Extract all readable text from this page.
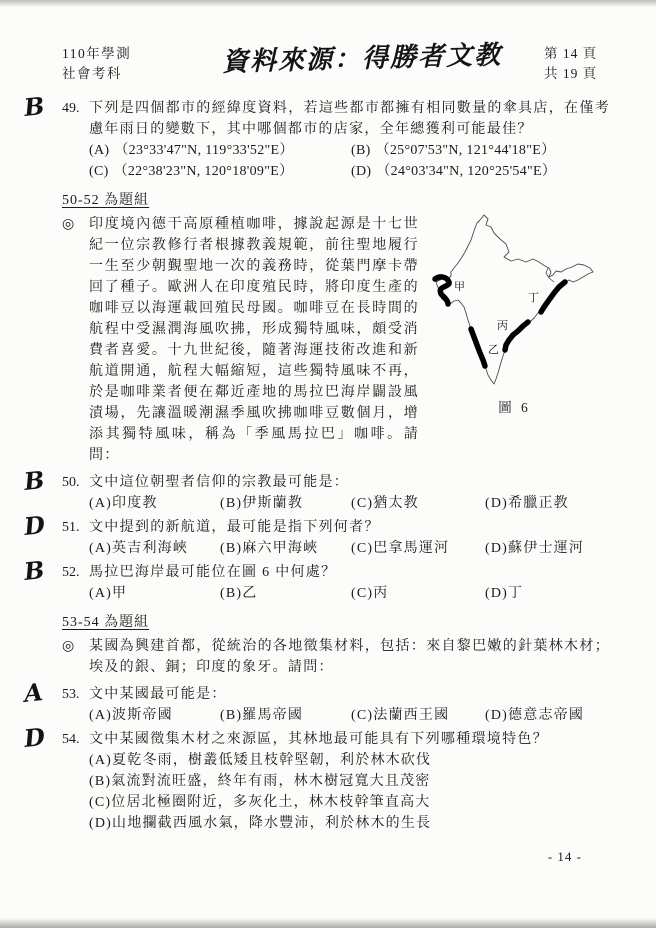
110年學測
社會考科	資料來源：得勝者文教	第 14 頁
共 19 頁
B 49. 下列是四個都市的經緯度資料，若這些都市都擁有相同數量的傘具店，在僅考慮年雨日的變數下，其中哪個都市的店家，全年總獲利可能最佳？
(A) （23°33'47"N, 119°33'52"E）	(B) （25°07'53"N, 121°44'18"E）
(C) （22°38'23"N, 120°18'09"E）	(D) （24°03'34"N, 120°25'54"E）
50-52 為題組
◎	印度境內德干高原種植咖啡，據說起源是十七世紀一位宗教修行者根據教義規範，前往聖地履行一生至少朝覲聖地一次的義務時，從葉門摩卡帶回了種子。歐洲人在印度殖民時，將印度生產的咖啡豆以海運載回殖民母國。咖啡豆在長時間的航程中受濕潤海風吹拂，形成獨特風味，頗受消費者喜愛。十九世紀後，隨著海運技術改進和新航道開通，航程大幅縮短，這些獨特風味不再，於是咖啡業者便在鄰近產地的馬拉巴海岸闢設風漬場，先讓溫暖潮濕季風吹拂咖啡豆數個月，增添其獨特風味，稱為「季風馬拉巴」咖啡。請問：
甲
乙
丙
丁
圖 6
B 50. 文中這位朝聖者信仰的宗教最可能是：
(A)印度教	(B)伊斯蘭教	(C)猶太教	(D)希臘正教
D 51. 文中提到的新航道，最可能是指下列何者？
(A)英吉利海峽	(B)麻六甲海峽	(C)巴拿馬運河	(D)蘇伊士運河
B 52. 馬拉巴海岸最可能位在圖 6 中何處？
(A)甲	(B)乙	(C)丙	(D)丁
53-54 為題組
◎	某國為興建首都，從統治的各地徵集材料，包括：來自黎巴嫩的針葉林木材；埃及的銀、銅；印度的象牙。請問：
A 53. 文中某國最可能是：
(A)波斯帝國	(B)羅馬帝國	(C)法蘭西王國	(D)德意志帝國
D 54. 文中某國徵集木材之來源區，其林地最可能具有下列哪種環境特色？
(A)夏乾冬雨，樹叢低矮且枝幹堅韌，利於林木砍伐
(B)氣流對流旺盛，終年有雨，林木樹冠寬大且茂密
(C)位居北極圈附近，多灰化土，林木枝幹筆直高大
(D)山地攔截西風水氣，降水豐沛，利於林木的生長
- 14 -
